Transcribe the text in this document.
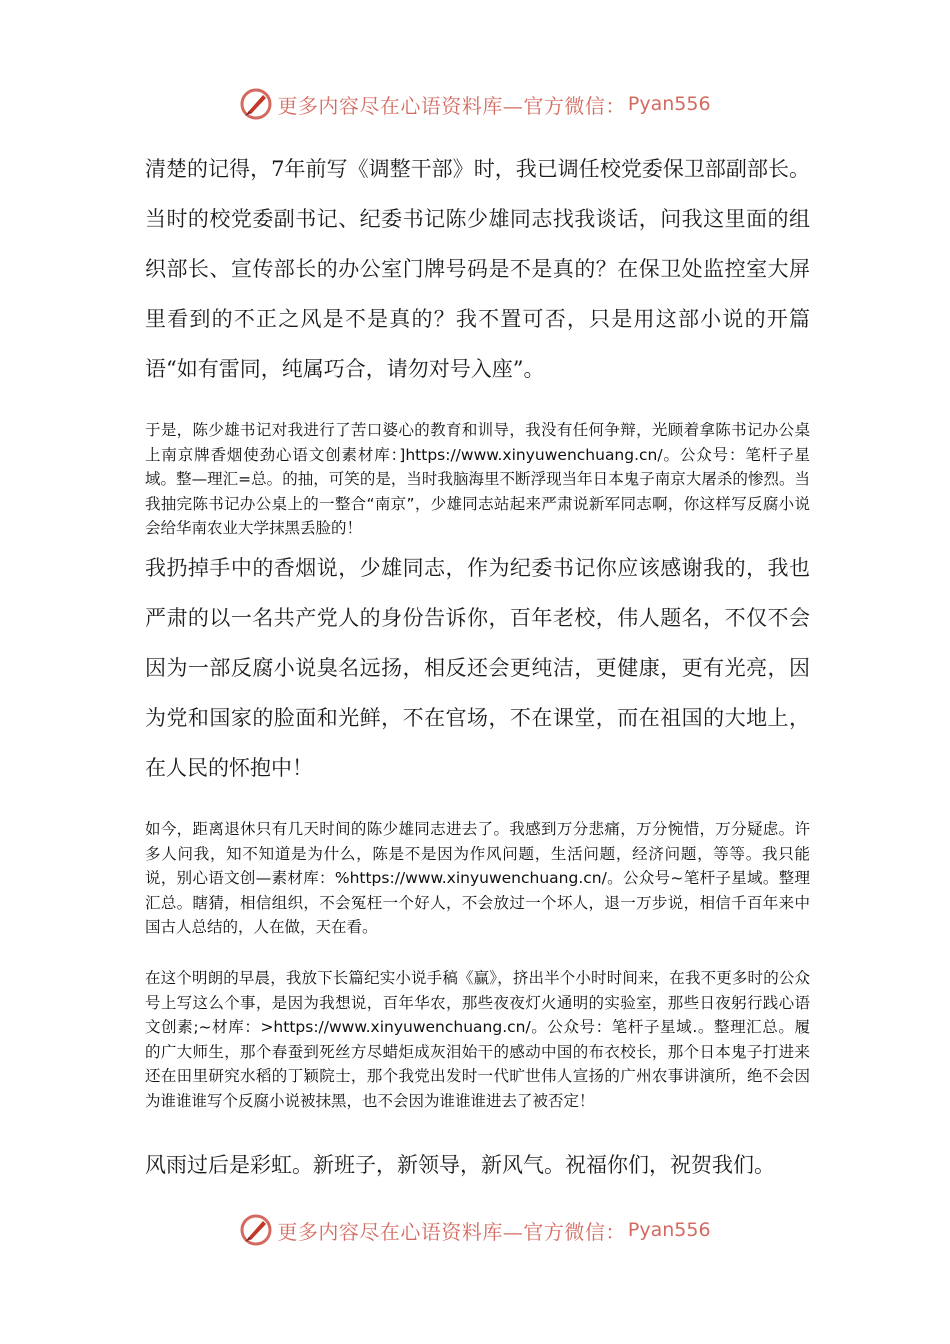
更多内容尽在心语资料库—官方微信： Pyan556

清楚的记得，7年前写《调整干部》时，我已调任校党委保卫部副部长。当时的校党委副书记、纪委书记陈少雄同志找我谈话，问我这里面的组织部长、宣传部长的办公室门牌号码是不是真的？在保卫处监控室大屏里看到的不正之风是不是真的？我不置可否，只是用这部小说的开篇语“如有雷同，纯属巧合，请勿对号入座”。

于是，陈少雄书记对我进行了苦口婆心的教育和训导，我没有任何争辩，光顾着拿陈书记办公桌上南京牌香烟使劲心语文创素材库：]https://www.xinyuwenchuang.cn/。公众号：笔杆子星域。整—理汇=总。的抽，可笑的是，当时我脑海里不断浮现当年日本鬼子南京大屠杀的惨烈。当我抽完陈书记办公桌上的一整合“南京”，少雄同志站起来严肃说新军同志啊，你这样写反腐小说会给华南农业大学抹黑丢脸的！

我扔掉手中的香烟说，少雄同志，作为纪委书记你应该感谢我的，我也严肃的以一名共产党人的身份告诉你，百年老校，伟人题名，不仅不会因为一部反腐小说臭名远扬，相反还会更纯洁，更健康，更有光亮，因为党和国家的脸面和光鲜，不在官场，不在课堂，而在祖国的大地上，在人民的怀抱中！

如今，距离退休只有几天时间的陈少雄同志进去了。我感到万分悲痛，万分惋惜，万分疑虑。许多人问我，知不知道是为什么，陈是不是因为作风问题，生活问题，经济问题，等等。我只能说，别心语文创—素材库：%https://www.xinyuwenchuang.cn/。公众号~笔杆子星域。整理汇总。瞎猜，相信组织，不会冤枉一个好人，不会放过一个坏人，退一万步说，相信千百年来中国古人总结的，人在做，天在看。

在这个明朗的早晨，我放下长篇纪实小说手稿《赢》，挤出半个小时时间来，在我不更多时的公众号上写这么个事，是因为我想说，百年华农，那些夜夜灯火通明的实验室，那些日夜躬行践心语文创素;~材库：>https://www.xinyuwenchuang.cn/。公众号：笔杆子星域.。整理汇总。履的广大师生，那个春蚕到死丝方尽蜡炬成灰泪始干的感动中国的布衣校长，那个日本鬼子打进来还在田里研究水稻的丁颖院士，那个我党出发时一代旷世伟人宣扬的广州农事讲演所，绝不会因为谁谁谁写个反腐小说被抹黑，也不会因为谁谁谁进去了被否定！

风雨过后是彩虹。新班子，新领导，新风气。祝福你们，祝贺我们。

更多内容尽在心语资料库—官方微信： Pyan556
